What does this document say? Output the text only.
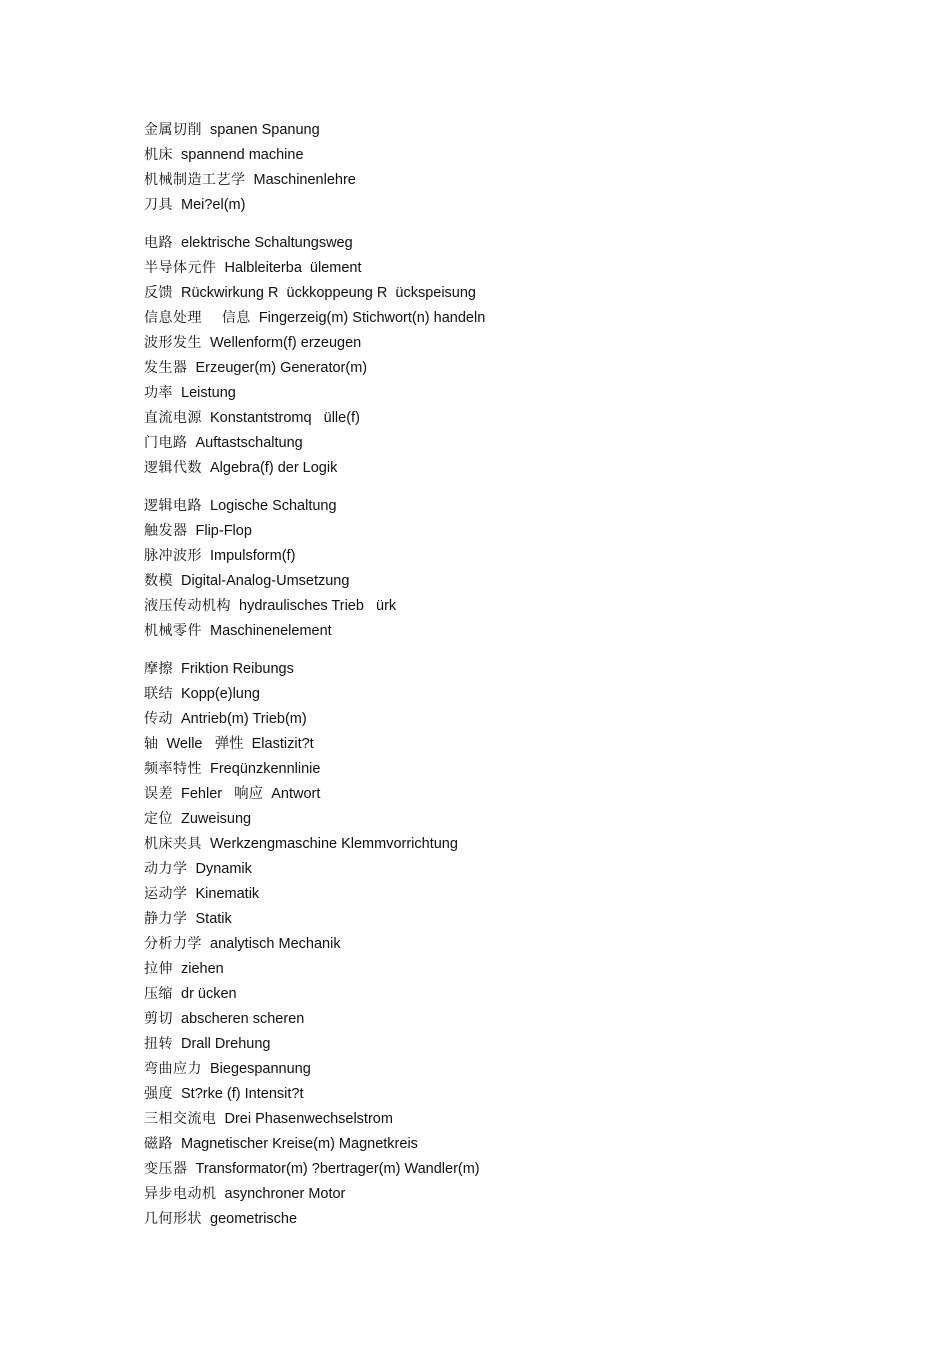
金属切削 spanen Spanung
机床 spannend machine
机械制造工艺学 Maschinenlehre
刀具 Mei?el(m)
电路 elektrische Schaltungsweg
半导体元件 Halbleiterba  ülement
反馈 Rückwirkung R  ückkoppeung R  ückspeisung
信息处理    信息 Fingerzeig(m) Stichwort(n) handeln
波形发生 Wellenform(f) erzeugen
发生器 Erzeuger(m) Generator(m)
功率 Leistung
直流电源 Konstantstromq   ülle(f)
门电路 Auftastschaltung
逻辑代数 Algebra(f) der Logik
逻辑电路 Logische Schaltung
触发器 Flip-Flop
脉冲波形 Impulsform(f)
数模 Digital-Analog-Umsetzung
液压传动机构 hydraulisches Trieb   ürk
机械零件 Maschinenelement
摩擦 Friktion Reibungs
联结 Kopp(e)lung
传动 Antrieb(m) Trieb(m)
轴 Welle   弹性  Elastizit?t
频率特性 Freqünzkennlinie
误差 Fehler   响应  Antwort
定位 Zuweisung
机床夹具 Werkzengmaschine Klemmvorrichtung
动力学 Dynamik
运动学 Kinematik
静力学 Statik
分析力学 analytisch Mechanik
拉伸 ziehen
压缩 dr ücken
剪切 abscheren scheren
扭转 Drall Drehung
弯曲应力 Biegespannung
强度 St?rke (f) Intensit?t
三相交流电 Drei Phasenwechselstrom
磁路 Magnetischer Kreise(m) Magnetkreis
变压器 Transformator(m) ?bertrager(m) Wandler(m)
异步电动机 asynchroner Motor
几何形状 geometrische
